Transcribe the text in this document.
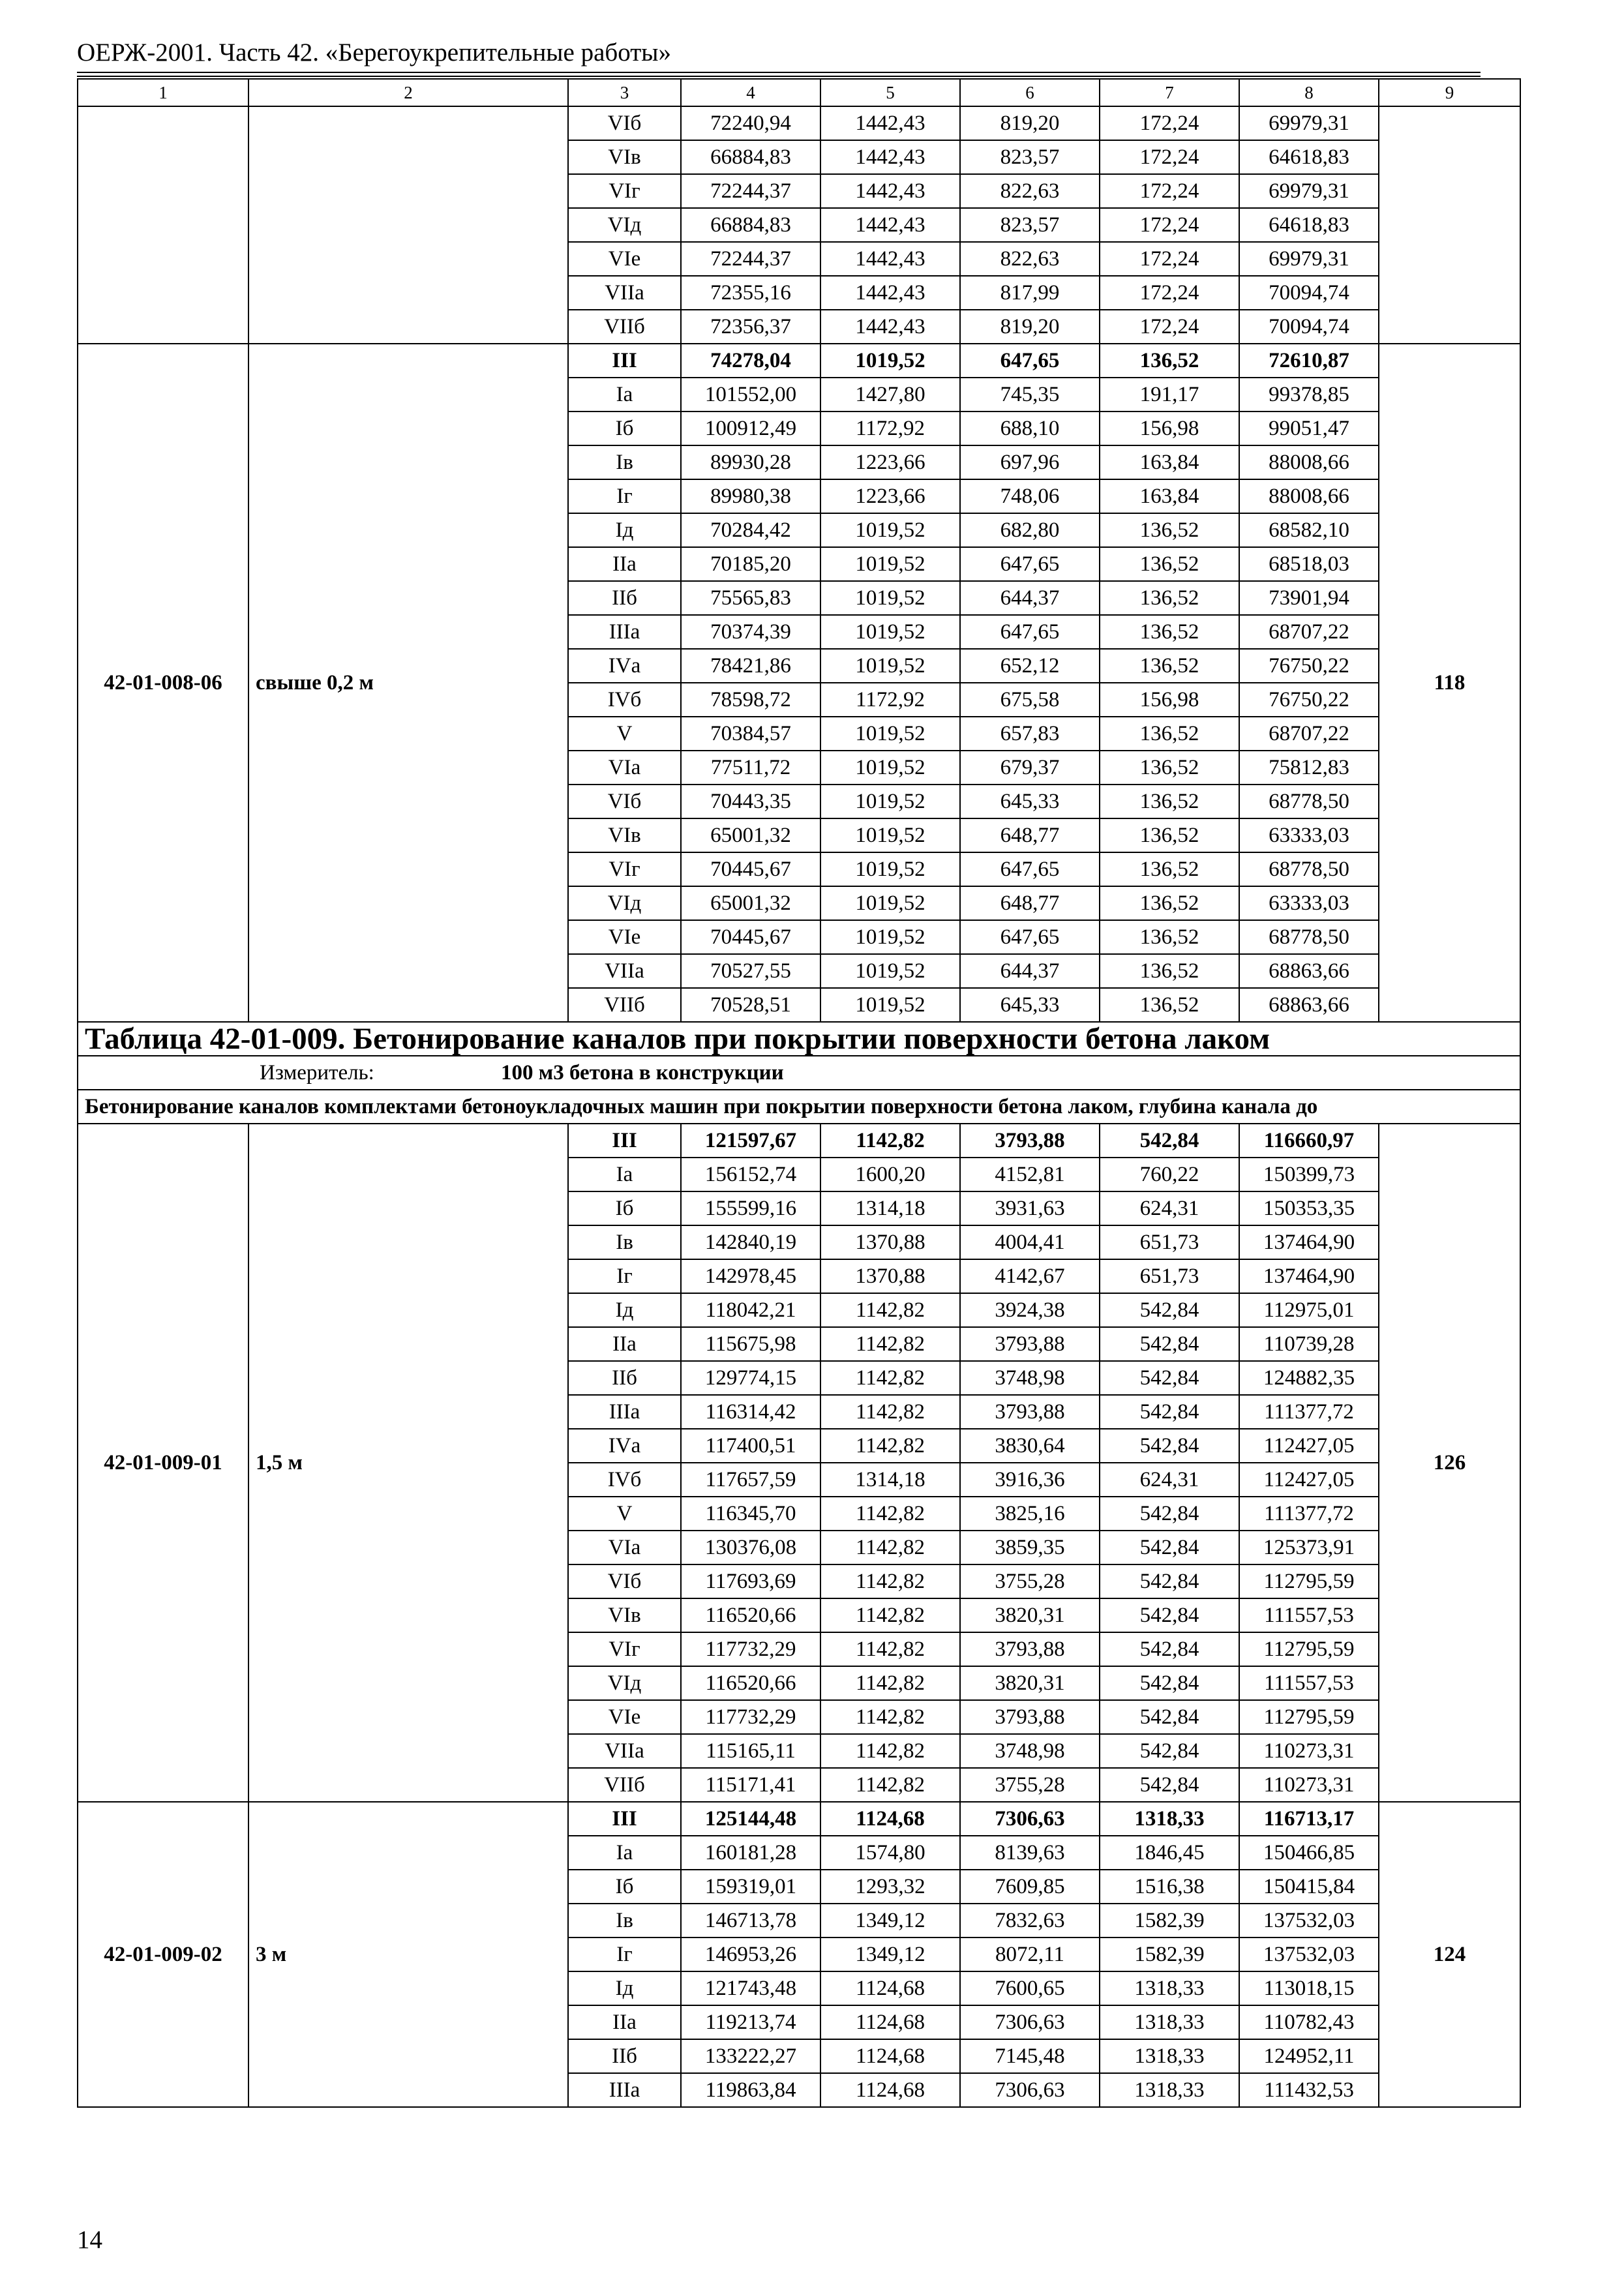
ОЕРЖ-2001. Часть 42. «Берегоукрепительные работы»
1	2	3	4	5	6	7	8	9
		VIб	72240,94	1442,43	819,20	172,24	69979,31	
		VIв	66884,83	1442,43	823,57	172,24	64618,83	
		VIг	72244,37	1442,43	822,63	172,24	69979,31	
		VIд	66884,83	1442,43	823,57	172,24	64618,83	
		VIе	72244,37	1442,43	822,63	172,24	69979,31	
		VIIа	72355,16	1442,43	817,99	172,24	70094,74	
		VIIб	72356,37	1442,43	819,20	172,24	70094,74	
42-01-008-06	свыше 0,2 м	III	74278,04	1019,52	647,65	136,52	72610,87	118
		Iа	101552,00	1427,80	745,35	191,17	99378,85	
		Iб	100912,49	1172,92	688,10	156,98	99051,47	
		Iв	89930,28	1223,66	697,96	163,84	88008,66	
		Iг	89980,38	1223,66	748,06	163,84	88008,66	
		Iд	70284,42	1019,52	682,80	136,52	68582,10	
		IIа	70185,20	1019,52	647,65	136,52	68518,03	
		IIб	75565,83	1019,52	644,37	136,52	73901,94	
		IIIа	70374,39	1019,52	647,65	136,52	68707,22	
		IVа	78421,86	1019,52	652,12	136,52	76750,22	
		IVб	78598,72	1172,92	675,58	156,98	76750,22	
		V	70384,57	1019,52	657,83	136,52	68707,22	
		VIа	77511,72	1019,52	679,37	136,52	75812,83	
		VIб	70443,35	1019,52	645,33	136,52	68778,50	
		VIв	65001,32	1019,52	648,77	136,52	63333,03	
		VIг	70445,67	1019,52	647,65	136,52	68778,50	
		VIд	65001,32	1019,52	648,77	136,52	63333,03	
		VIе	70445,67	1019,52	647,65	136,52	68778,50	
		VIIа	70527,55	1019,52	644,37	136,52	68863,66	
		VIIб	70528,51	1019,52	645,33	136,52	68863,66	
Таблица 42-01-009. Бетонирование каналов при покрытии поверхности бетона лаком								
Измеритель: 100 м3 бетона в конструкции								
Бетонирование каналов комплектами бетоноукладочных машин при покрытии поверхности бетона лаком, глубина канала до								
42-01-009-01	1,5 м	III	121597,67	1142,82	3793,88	542,84	116660,97	126
		Iа	156152,74	1600,20	4152,81	760,22	150399,73	
		Iб	155599,16	1314,18	3931,63	624,31	150353,35	
		Iв	142840,19	1370,88	4004,41	651,73	137464,90	
		Iг	142978,45	1370,88	4142,67	651,73	137464,90	
		Iд	118042,21	1142,82	3924,38	542,84	112975,01	
		IIа	115675,98	1142,82	3793,88	542,84	110739,28	
		IIб	129774,15	1142,82	3748,98	542,84	124882,35	
		IIIа	116314,42	1142,82	3793,88	542,84	111377,72	
		IVа	117400,51	1142,82	3830,64	542,84	112427,05	
		IVб	117657,59	1314,18	3916,36	624,31	112427,05	
		V	116345,70	1142,82	3825,16	542,84	111377,72	
		VIа	130376,08	1142,82	3859,35	542,84	125373,91	
		VIб	117693,69	1142,82	3755,28	542,84	112795,59	
		VIв	116520,66	1142,82	3820,31	542,84	111557,53	
		VIг	117732,29	1142,82	3793,88	542,84	112795,59	
		VIд	116520,66	1142,82	3820,31	542,84	111557,53	
		VIе	117732,29	1142,82	3793,88	542,84	112795,59	
		VIIа	115165,11	1142,82	3748,98	542,84	110273,31	
		VIIб	115171,41	1142,82	3755,28	542,84	110273,31	
42-01-009-02	3 м	III	125144,48	1124,68	7306,63	1318,33	116713,17	124
		Iа	160181,28	1574,80	8139,63	1846,45	150466,85	
		Iб	159319,01	1293,32	7609,85	1516,38	150415,84	
		Iв	146713,78	1349,12	7832,63	1582,39	137532,03	
		Iг	146953,26	1349,12	8072,11	1582,39	137532,03	
		Iд	121743,48	1124,68	7600,65	1318,33	113018,15	
		IIа	119213,74	1124,68	7306,63	1318,33	110782,43	
		IIб	133222,27	1124,68	7145,48	1318,33	124952,11	
		IIIа	119863,84	1124,68	7306,63	1318,33	111432,53	
14
